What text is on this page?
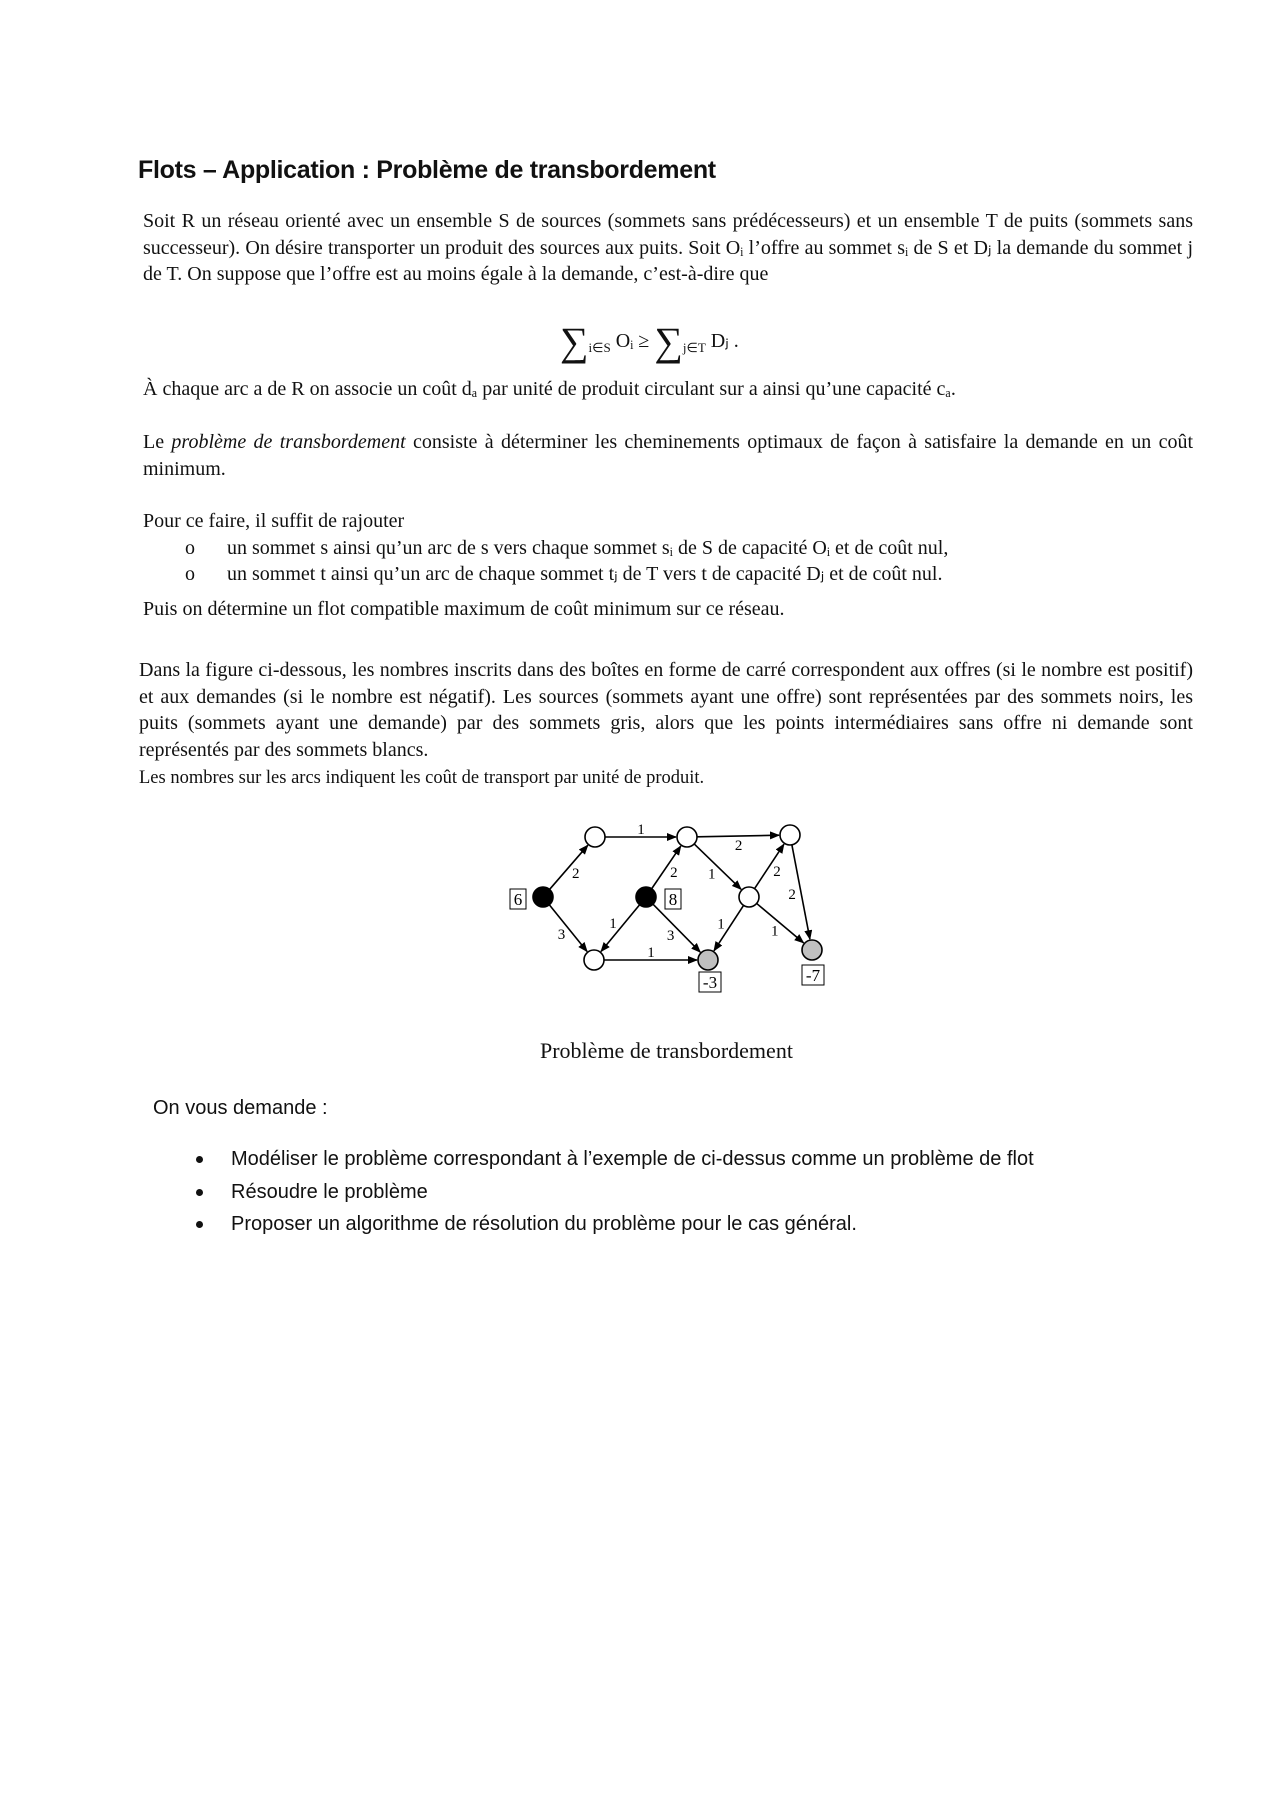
Flots – Application : Problème de transbordement

Soit R un réseau orienté avec un ensemble S de sources (sommets sans prédécesseurs) et un ensemble T de puits (sommets sans successeur). On désire transporter un produit des sources aux puits. Soit Oᵢ l’offre au sommet sᵢ de S et Dⱼ la demande du sommet j de T. On suppose que l’offre est au moins égale à la demande, c’est-à-dire que

$\sum_{i\in S}$ Oᵢ ≥ $\sum_{j\in T}$ Dⱼ .
À chaque arc a de R on associe un coût dₐ par unité de produit circulant sur a ainsi qu’une capacité cₐ.
Le problème de transbordement consiste à déterminer les cheminements optimaux de façon à satisfaire la demande en un coût minimum.

Pour ce faire, il suffit de rajouter

o un sommet s ainsi qu’un arc de s vers chaque sommet sᵢ de S de capacité Oᵢ et de coût nul,
o un sommet t ainsi qu’un arc de chaque sommet tⱼ de T vers t de capacité Dⱼ et de coût nul.

Puis on détermine un flot compatible maximum de coût minimum sur ce réseau.

Dans la figure ci-dessous, les nombres inscrits dans des boîtes en forme de carré correspondent aux offres (si le nombre est positif) et aux demandes (si le nombre est négatif). Les sources (sommets ayant une offre) sont représentées par des sommets noirs, les puits (sommets ayant une demande) par des sommets gris, alors que les points intermédiaires sans offre ni demande sont représentés par des sommets blancs.
Les nombres sur les arcs indiquent les coût de transport par unité de produit.
2
3
1
2
2 1	2
2
1
3
1	1
1
6	8
-3	-7
Problème de transbordement
On vous demande :
Modéliser le problème correspondant à l’exemple de ci-dessus comme un problème de flot
Résoudre le problème
Proposer un algorithme de résolution du problème pour le cas général.
